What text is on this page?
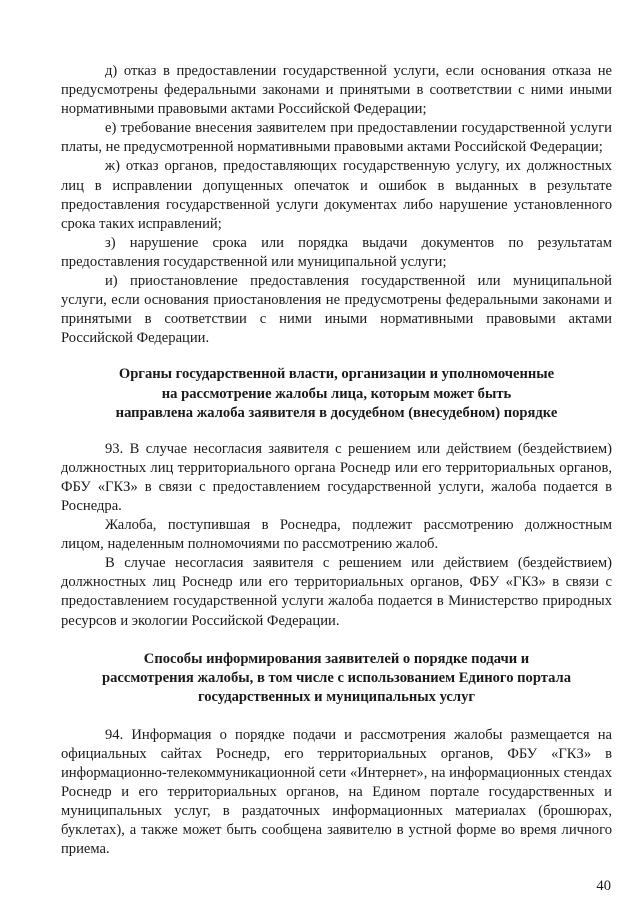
д) отказ в предоставлении государственной услуги, если основания отказа не предусмотрены федеральными законами и принятыми в соответствии с ними иными нормативными правовыми актами Российской Федерации;

е) требование внесения заявителем при предоставлении государственной услуги платы, не предусмотренной нормативными правовыми актами Российской Федерации;

ж) отказ органов, предоставляющих государственную услугу, их должностных лиц в исправлении допущенных опечаток и ошибок в выданных в результате предоставления государственной услуги документах либо нарушение установленного срока таких исправлений;

з) нарушение срока или порядка выдачи документов по результатам предоставления государственной или муниципальной услуги;

и) приостановление предоставления государственной или муниципальной услуги, если основания приостановления не предусмотрены федеральными законами и принятыми в соответствии с ними иными нормативными правовыми актами Российской Федерации.

Органы государственной власти, организации и уполномоченные

на рассмотрение жалобы лица, которым может быть

направлена жалоба заявителя в досудебном (внесудебном) порядке

93. В случае несогласия заявителя с решением или действием (бездействием) должностных лиц территориального органа Роснедр или его территориальных органов, ФБУ «ГКЗ» в связи с предоставлением государственной услуги, жалоба подается в Роснедра.

Жалоба, поступившая в Роснедра, подлежит рассмотрению должностным лицом, наделенным полномочиями по рассмотрению жалоб.

В случае несогласия заявителя с решением или действием (бездействием) должностных лиц Роснедр или его территориальных органов, ФБУ «ГКЗ» в связи с предоставлением государственной услуги жалоба подается в Министерство природных ресурсов и экологии Российской Федерации.

Способы информирования заявителей о порядке подачи и

рассмотрения жалобы, в том числе с использованием Единого портала

государственных и муниципальных услуг

94. Информация о порядке подачи и рассмотрения жалобы размещается на официальных сайтах Роснедр, его территориальных органов, ФБУ «ГКЗ» в информационно-телекоммуникационной сети «Интернет», на информационных стендах Роснедр и его территориальных органов, на Едином портале государственных и муниципальных услуг, в раздаточных информационных материалах (брошюрах, буклетах), а также может быть сообщена заявителю в устной форме во время личного приема.

40
